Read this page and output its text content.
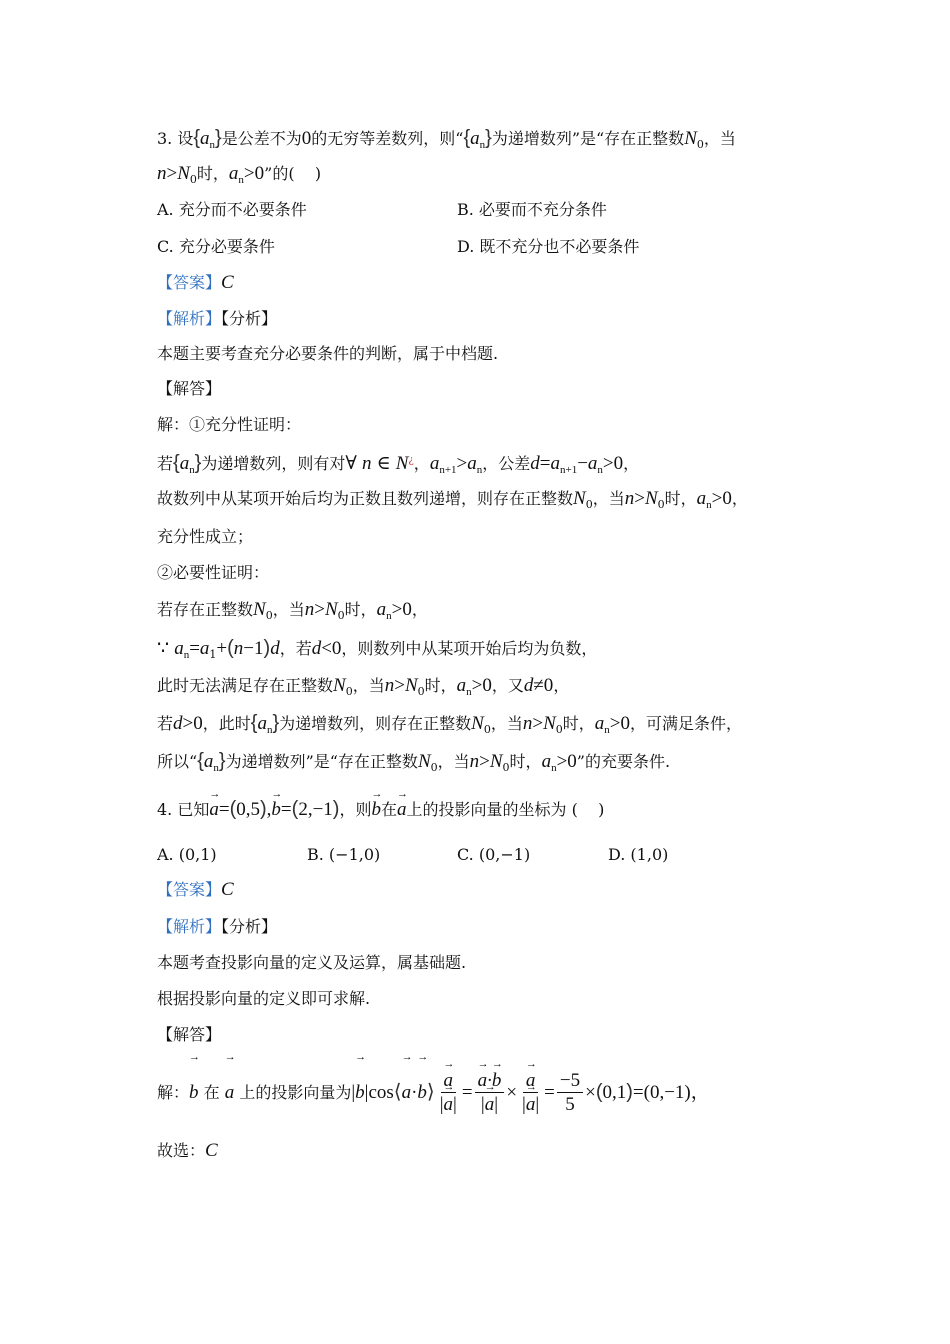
3. 设$\{a_n\}$是公差不为0的无穷等差数列，则“$\{a_n\}$为递增数列”是“存在正整数$N_0$，当
$n>N_0$时，$a_n>0$”的(    )
A. 充分而不必要条件	B. 必要而不充分条件
C. 充分必要条件	D. 既不充分也不必要条件
【答案】C
【解析】【分析】
本题主要考查充分必要条件的判断，属于中档题.
【解答】
解：①充分性证明：
若$\{a_n\}$为递增数列，则有对∀ n ∈ N¿，$a_{n+1}>a_n$，公差$d=a_{n+1}-a_n>0$，
故数列中从某项开始后均为正数且数列递增，则存在正整数$N_0$，当$n>N_0$时，$a_n>0$，
充分性成立；
②必要性证明：
若存在正整数$N_0$，当$n>N_0$时，$a_n>0$，
∵ $a_n=a_1+(n-1)d$，若d<0，则数列中从某项开始后均为负数，
此时无法满足存在正整数$N_0$，当$n>N_0$时，$a_n>0$，又d≠0，
若d>0，此时$\{a_n\}$为递增数列，则存在正整数$N_0$，当$n>N_0$时，$a_n>0$，可满足条件，
所以“$\{a_n\}$为递增数列”是“存在正整数$N_0$，当$n>N_0$时，$a_n>0$”的充要条件.
4. 已知→ a=(0,5),→ b=(2,−1)，则→ b在→ a上的投影向量的坐标为 (    )
A. (0,1)	B. (−1,0)	C. (0,−1)	D. (1,0)
【答案】C
【解析】【分析】
本题考查投影向量的定义及运算，属基础题.
根据投影向量的定义即可求解.
【解答】
解：→ b 在 → a 上的投影向量为|→ b|cos⟨→ a·→ b⟩ → $\frac{a}{|\to a|}$ = → $\frac{a\cdot\to b}{|\to a|}$ × → $\frac{a}{|\to a|} = \frac{-5}{5} \times(0,1)=(0,-1)$，
故选：C
